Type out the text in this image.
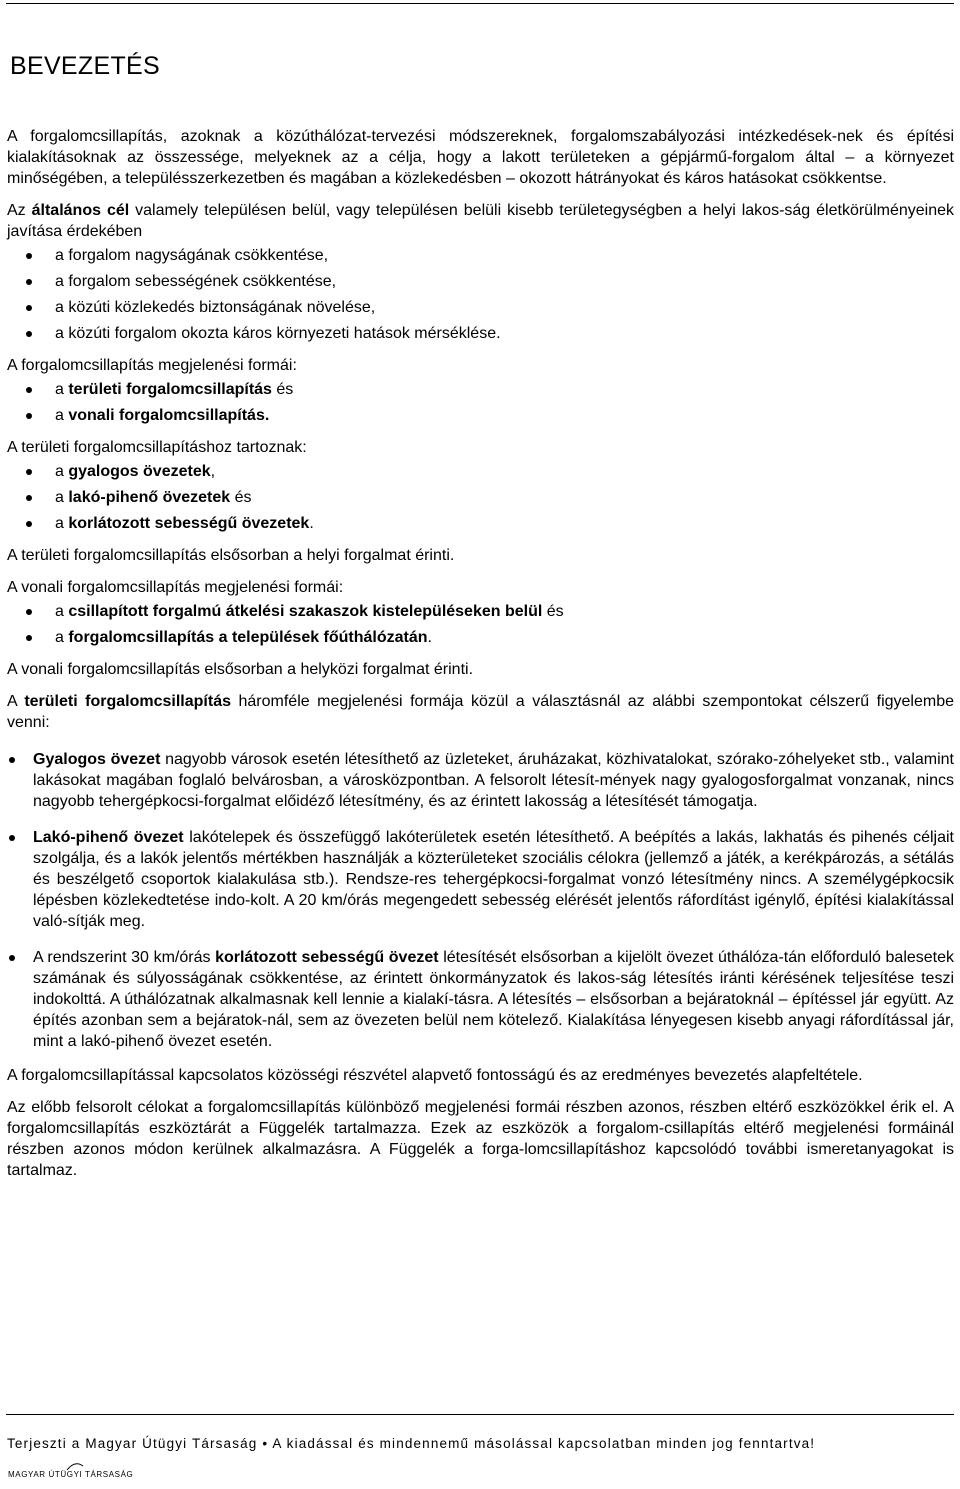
BEVEZETÉS

A forgalomcsillapítás, azoknak a közúthálózat-tervezési módszereknek, forgalomszabályozási intézkedések-nek és építési kialakításoknak az összessége, melyeknek az a célja, hogy a lakott területeken a gépjármű-forgalom által – a környezet minőségében, a településszerkezetben és magában a közlekedésben – okozott hátrányokat és káros hatásokat csökkentse.

Az általános cél valamely településen belül, vagy településen belüli kisebb területegységben a helyi lakos-ság életkörülményeinek javítása érdekében

a forgalom nagyságának csökkentése,
a forgalom sebességének csökkentése,
a közúti közlekedés biztonságának növelése,
a közúti forgalom okozta káros környezeti hatások mérséklése.

A forgalomcsillapítás megjelenési formái:

a területi forgalomcsillapítás és
a vonali forgalomcsillapítás.

A területi forgalomcsillapításhoz tartoznak:

a gyalogos övezetek,
a lakó-pihenő övezetek és
a korlátozott sebességű övezetek.

A területi forgalomcsillapítás elsősorban a helyi forgalmat érinti.

A vonali forgalomcsillapítás megjelenési formái:

a csillapított forgalmú átkelési szakaszok kistelepüléseken belül és
a forgalomcsillapítás a települések főúthálózatán.

A vonali forgalomcsillapítás elsősorban a helyközi forgalmat érinti.

A területi forgalomcsillapítás háromféle megjelenési formája közül a választásnál az alábbi szempontokat célszerű figyelembe venni:

Gyalogos övezet nagyobb városok esetén létesíthető az üzleteket, áruházakat, közhivatalokat, szórako-zóhelyeket stb., valamint lakásokat magában foglaló belvárosban, a városközpontban. A felsorolt létesít-mények nagy gyalogosforgalmat vonzanak, nincs nagyobb tehergépkocsi-forgalmat előidéző létesítmény, és az érintett lakosság a létesítését támogatja.
Lakó-pihenő övezet lakótelepek és összefüggő lakóterületek esetén létesíthető. A beépítés a lakás, lakhatás és pihenés céljait szolgálja, és a lakók jelentős mértékben használják a közterületeket szociális célokra (jellemző a játék, a kerékpározás, a sétálás és beszélgető csoportok kialakulása stb.). Rendsze-res tehergépkocsi-forgalmat vonzó létesítmény nincs. A személygépkocsik lépésben közlekedtetése indo-kolt. A 20 km/órás megengedett sebesség elérését jelentős ráfordítást igénylő, építési kialakítással való-sítják meg.
A rendszerint 30 km/órás korlátozott sebességű övezet létesítését elsősorban a kijelölt övezet úthálóza-tán előforduló balesetek számának és súlyosságának csökkentése, az érintett önkormányzatok és lakos-ság létesítés iránti kérésének teljesítése teszi indokolttá. A úthálózatnak alkalmasnak kell lennie a kialakí-tásra. A létesítés – elsősorban a bejáratoknál – építéssel jár együtt. Az építés azonban sem a bejáratok-nál, sem az övezeten belül nem kötelező. Kialakítása lényegesen kisebb anyagi ráfordítással jár, mint a lakó-pihenő övezet esetén.

A forgalomcsillapítással kapcsolatos közösségi részvétel alapvető fontosságú és az eredményes bevezetés alapfeltétele.

Az előbb felsorolt célokat a forgalomcsillapítás különböző megjelenési formái részben azonos, részben eltérő eszközökkel érik el. A forgalomcsillapítás eszköztárát a Függelék tartalmazza. Ezek az eszközök a forgalom-csillapítás eltérő megjelenési formáinál részben azonos módon kerülnek alkalmazásra. A Függelék a forga-lomcsillapításhoz kapcsolódó további ismeretanyagokat is tartalmaz.

Terjeszti a Magyar Útügyi Társaság • A kiadással és mindennemű másolással kapcsolatban minden jog fenntartva!
MAGYAR ÚTÜGYI TÁRSASÁG
